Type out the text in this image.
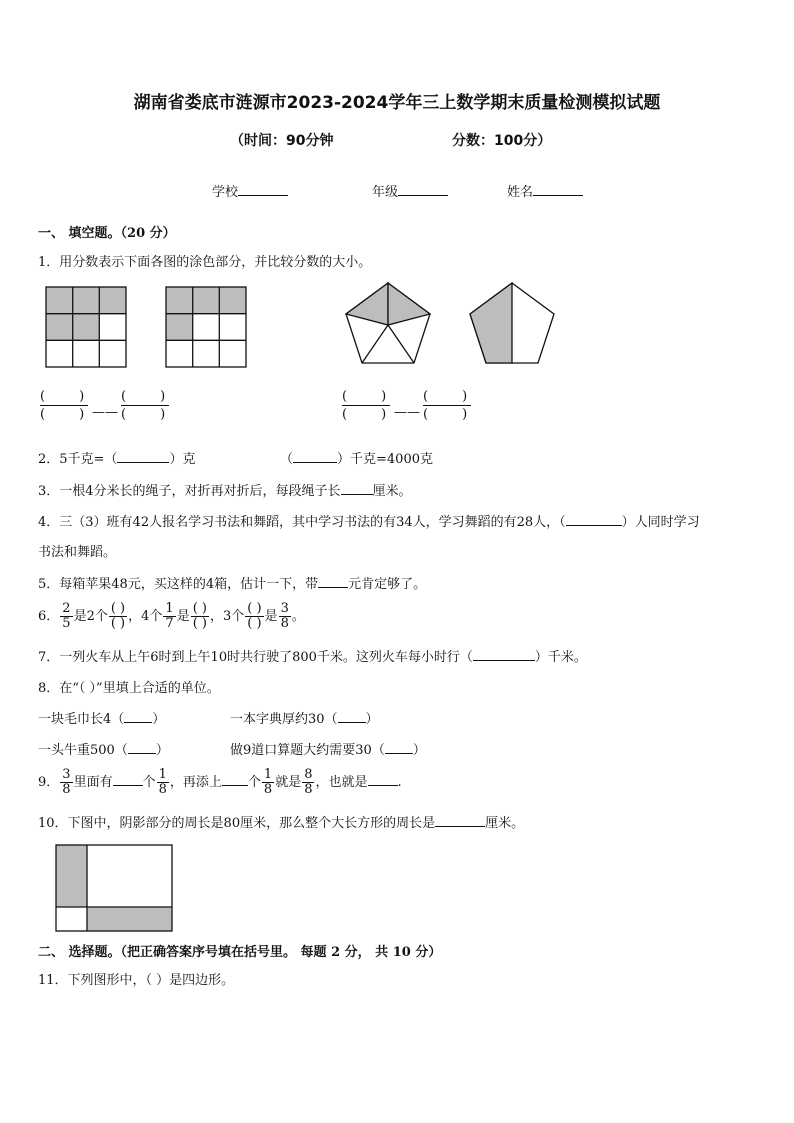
湖南省娄底市涟源市2023-2024学年三上数学期末质量检测模拟试题
（时间：90分钟	分数：100分）
学校	年级	姓名
一、 填空题。（20 分）
1．用分数表示下面各图的涂色部分，并比较分数的大小。
(	)
(	) ——
(	)
(	)
(	)
(	) ——
(	)
(	)
2．5千克=（	）克	（	）千克=4000克
3．一根4分米长的绳子，对折再对折后，每段绳子长 厘米。
4．三（3）班有42人报名学习书法和舞蹈，其中学习书法的有34人，学习舞蹈的有28人，（	）人同时学习
书法和舞蹈。
5．每箱苹果48元，买这样的4箱，估计一下，带 元肯定够了。
6． $\frac{2}{5}$ 是2个 $\frac{( )}{( )}$ ，4个 $\frac{1}{7}$ 是 $\frac{( )}{( )}$ ，3个 $\frac{( )}{( )}$ 是 $\frac{3}{8}$ 。
7．一列火车从上午6时到上午10时共行驶了800千米。这列火车每小时行（	）千米。
8．在“（ ）”里填上合适的单位。
一块毛巾长4（ ）	一本字典厚约30（ ）
一头牛重500（ ）	做9道口算题大约需要30（ ）
9． $\frac{3}{8}$ 里面有 个 $\frac{1}{8}$ ，再添上 个 $\frac{1}{8}$ 就是 $\frac{8}{8}$ ，也就是 .
10．下图中，阴影部分的周长是80厘米，那么整个大长方形的周长是	厘米。
二、 选择题。（把正确答案序号填在括号里。 每题 2 分， 共 10 分）
11．下列图形中，（ ）是四边形。
